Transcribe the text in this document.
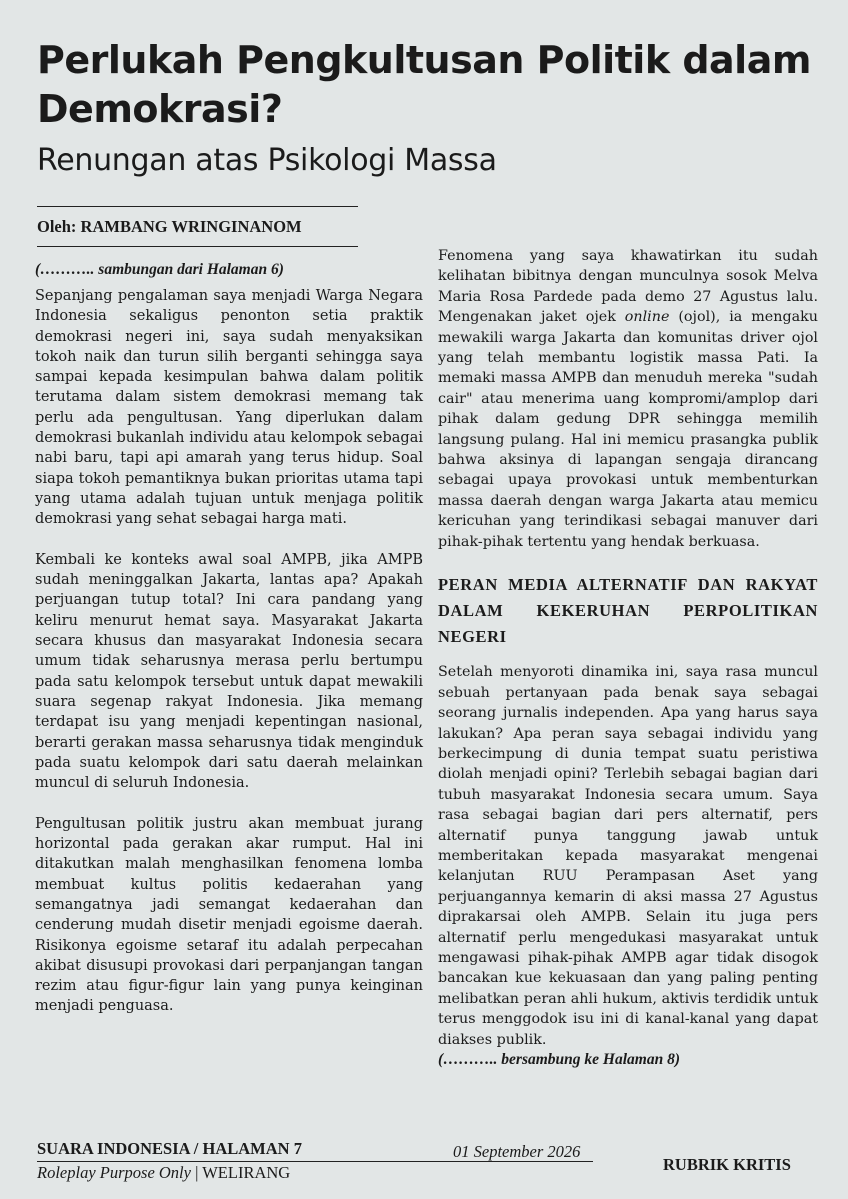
Perlukah Pengkultusan Politik dalam Demokrasi?
Renungan atas Psikologi Massa
Oleh: RAMBANG WRINGINANOM

(……….. sambungan dari Halaman 6)

Sepanjang pengalaman saya menjadi Warga Negara Indonesia sekaligus penonton setia praktik demokrasi negeri ini, saya sudah menyaksikan tokoh naik dan turun silih berganti sehingga saya sampai kepada kesimpulan bahwa dalam politik terutama dalam sistem demokrasi memang tak perlu ada pengultusan. Yang diperlukan dalam demokrasi bukanlah individu atau kelompok sebagai nabi baru, tapi api amarah yang terus hidup. Soal siapa tokoh pemantiknya bukan prioritas utama tapi yang utama adalah tujuan untuk menjaga politik demokrasi yang sehat sebagai harga mati.

Kembali ke konteks awal soal AMPB, jika AMPB sudah meninggalkan Jakarta, lantas apa? Apakah perjuangan tutup total? Ini cara pandang yang keliru menurut hemat saya. Masyarakat Jakarta secara khusus dan masyarakat Indonesia secara umum tidak seharusnya merasa perlu bertumpu pada satu kelompok tersebut untuk dapat mewakili suara segenap rakyat Indonesia. Jika memang terdapat isu yang menjadi kepentingan nasional, berarti gerakan massa seharusnya tidak menginduk pada suatu kelompok dari satu daerah melainkan muncul di seluruh Indonesia.

Pengultusan politik justru akan membuat jurang horizontal pada gerakan akar rumput. Hal ini ditakutkan malah menghasilkan fenomena lomba membuat kultus politis kedaerahan yang semangatnya jadi semangat kedaerahan dan cenderung mudah disetir menjadi egoisme daerah. Risikonya egoisme setaraf itu adalah perpecahan akibat disusupi provokasi dari perpanjangan tangan rezim atau figur-figur lain yang punya keinginan menjadi penguasa.

Fenomena yang saya khawatirkan itu sudah kelihatan bibitnya dengan munculnya sosok Melva Maria Rosa Pardede pada demo 27 Agustus lalu. Mengenakan jaket ojek online (ojol), ia mengaku mewakili warga Jakarta dan komunitas driver ojol yang telah membantu logistik massa Pati. Ia memaki massa AMPB dan menuduh mereka "sudah cair" atau menerima uang kompromi/amplop dari pihak dalam gedung DPR sehingga memilih langsung pulang. Hal ini memicu prasangka publik bahwa aksinya di lapangan sengaja dirancang sebagai upaya provokasi untuk membenturkan massa daerah dengan warga Jakarta atau memicu kericuhan yang terindikasi sebagai manuver dari pihak-pihak tertentu yang hendak berkuasa.

PERAN MEDIA ALTERNATIF DAN RAKYAT DALAM KEKERUHAN PERPOLITIKAN NEGERI

Setelah menyoroti dinamika ini, saya rasa muncul sebuah pertanyaan pada benak saya sebagai seorang jurnalis independen. Apa yang harus saya lakukan? Apa peran saya sebagai individu yang berkecimpung di dunia tempat suatu peristiwa diolah menjadi opini? Terlebih sebagai bagian dari tubuh masyarakat Indonesia secara umum. Saya rasa sebagai bagian dari pers alternatif, pers alternatif punya tanggung jawab untuk memberitakan kepada masyarakat mengenai kelanjutan RUU Perampasan Aset yang perjuangannya kemarin di aksi massa 27 Agustus diprakarsai oleh AMPB. Selain itu juga pers alternatif perlu mengedukasi masyarakat untuk mengawasi pihak-pihak AMPB agar tidak disogok bancakan kue kekuasaan dan yang paling penting melibatkan peran ahli hukum, aktivis terdidik untuk terus menggodok isu ini di kanal-kanal yang dapat diakses publik.

(……….. bersambung ke Halaman 8)

SUARA INDONESIA / HALAMAN 7	01 September 2026
Roleplay Purpose Only | WELIRANG	RUBRIK KRITIS
